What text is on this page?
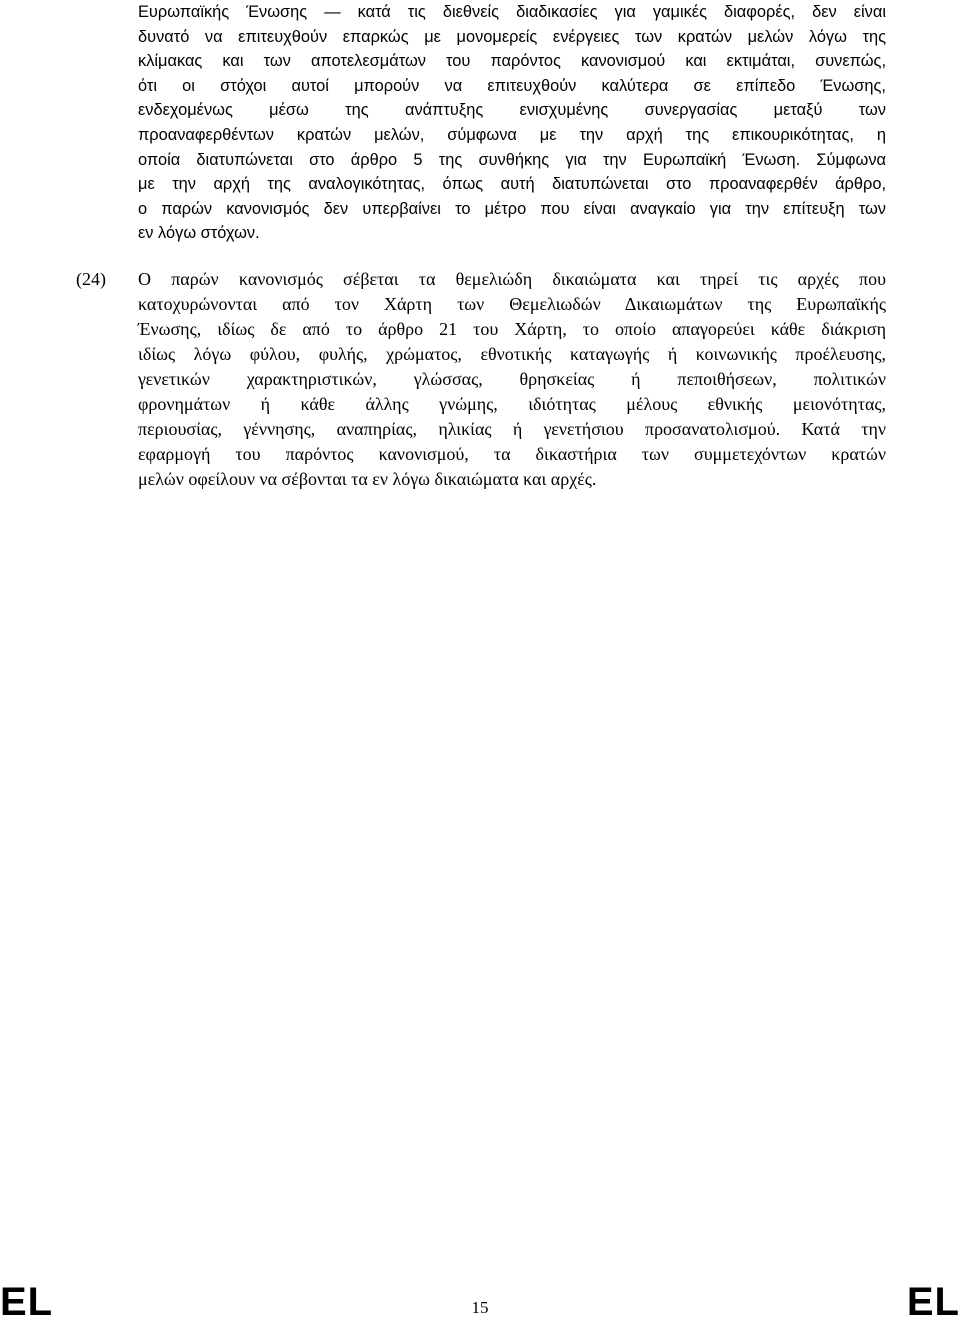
Ευρωπαϊκής Ένωσης — κατά τις διεθνείς διαδικασίες για γαμικές διαφορές, δεν είναι
δυνατό να επιτευχθούν επαρκώς με μονομερείς ενέργειες των κρατών μελών λόγω της
κλίμακας και των αποτελεσμάτων του παρόντος κανονισμού και εκτιμάται, συνεπώς,
ότι οι στόχοι αυτοί μπορούν να επιτευχθούν καλύτερα σε επίπεδο Ένωσης,
ενδεχομένως μέσω της ανάπτυξης ενισχυμένης συνεργασίας μεταξύ των
προαναφερθέντων κρατών μελών, σύμφωνα με την αρχή της επικουρικότητας, η
οποία διατυπώνεται στο άρθρο 5 της συνθήκης για την Ευρωπαϊκή Ένωση. Σύμφωνα
με την αρχή της αναλογικότητας, όπως αυτή διατυπώνεται στο προαναφερθέν άρθρο,
ο παρών κανονισμός δεν υπερβαίνει το μέτρο που είναι αναγκαίο για την επίτευξη των
εν λόγω στόχων.
(24) Ο παρών κανονισμός σέβεται τα θεμελιώδη δικαιώματα και τηρεί τις αρχές που
κατοχυρώνονται από τον Χάρτη των Θεμελιωδών Δικαιωμάτων της Ευρωπαϊκής
Ένωσης, ιδίως δε από το άρθρο 21 του Χάρτη, το οποίο απαγορεύει κάθε διάκριση
ιδίως λόγω φύλου, φυλής, χρώματος, εθνοτικής καταγωγής ή κοινωνικής προέλευσης,
γενετικών χαρακτηριστικών, γλώσσας, θρησκείας ή πεποιθήσεων, πολιτικών
φρονημάτων ή κάθε άλλης γνώμης, ιδιότητας μέλους εθνικής μειονότητας,
περιουσίας, γέννησης, αναπηρίας, ηλικίας ή γενετήσιου προσανατολισμού. Κατά την
εφαρμογή του παρόντος κανονισμού, τα δικαστήρια των συμμετεχόντων κρατών
μελών οφείλουν να σέβονται τα εν λόγω δικαιώματα και αρχές.
EL	15	EL
